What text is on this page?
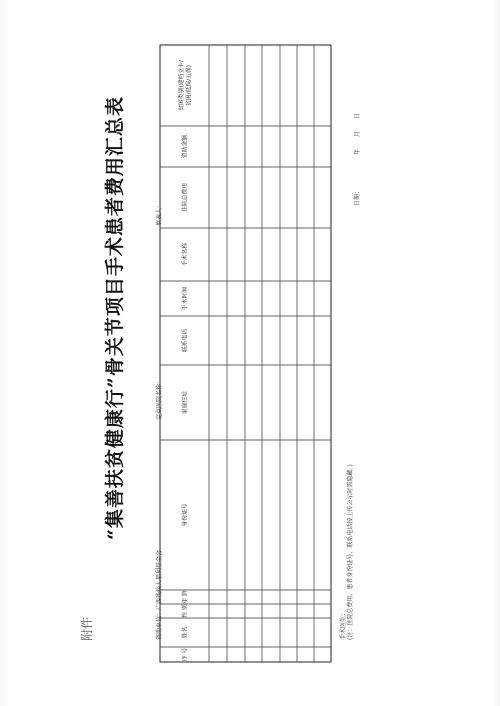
附件
“集善扶贫健康行”骨关节项目手术患者费用汇总表
资助单位：广西残疾人福利基金会
定点医院名称：
填表人：
序
号
姓名
性
别
年
龄
身份证号
家庭住址
联系电话
手术时间
手术名称
住院总费用
资助金额
贫困类别(建档立卡/ 贫困/低保/五保)
手术医生： (注：住院总费用、患者身份证号、联系电话按上传公示时需隐藏。)
日期：
年　　月　　日
